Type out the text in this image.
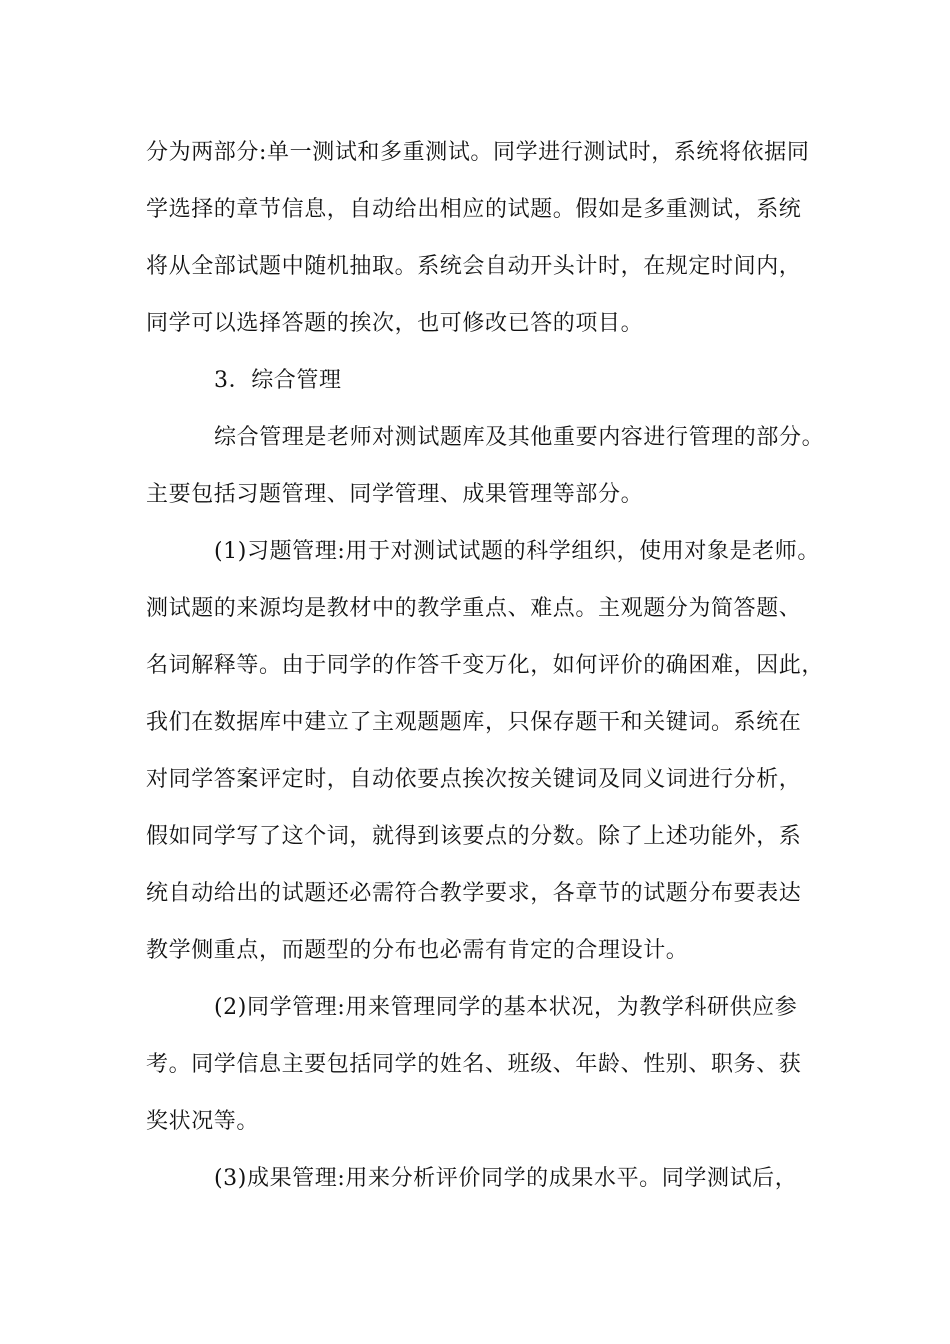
分为两部分:单一测试和多重测试。同学进行测试时，系统将依据同
学选择的章节信息，自动给出相应的试题。假如是多重测试，系统
将从全部试题中随机抽取。系统会自动开头计时，在规定时间内，
同学可以选择答题的挨次，也可修改已答的项目。
3．综合管理
综合管理是老师对测试题库及其他重要内容进行管理的部分。
主要包括习题管理、同学管理、成果管理等部分。
(1)习题管理:用于对测试试题的科学组织，使用对象是老师。
测试题的来源均是教材中的教学重点、难点。主观题分为简答题、
名词解释等。由于同学的作答千变万化，如何评价的确困难，因此，
我们在数据库中建立了主观题题库，只保存题干和关键词。系统在
对同学答案评定时，自动依要点挨次按关键词及同义词进行分析，
假如同学写了这个词，就得到该要点的分数。除了上述功能外，系
统自动给出的试题还必需符合教学要求，各章节的试题分布要表达
教学侧重点，而题型的分布也必需有肯定的合理设计。
(2)同学管理:用来管理同学的基本状况，为教学科研供应参
考。同学信息主要包括同学的姓名、班级、年龄、性别、职务、获
奖状况等。
(3)成果管理:用来分析评价同学的成果水平。同学测试后，
